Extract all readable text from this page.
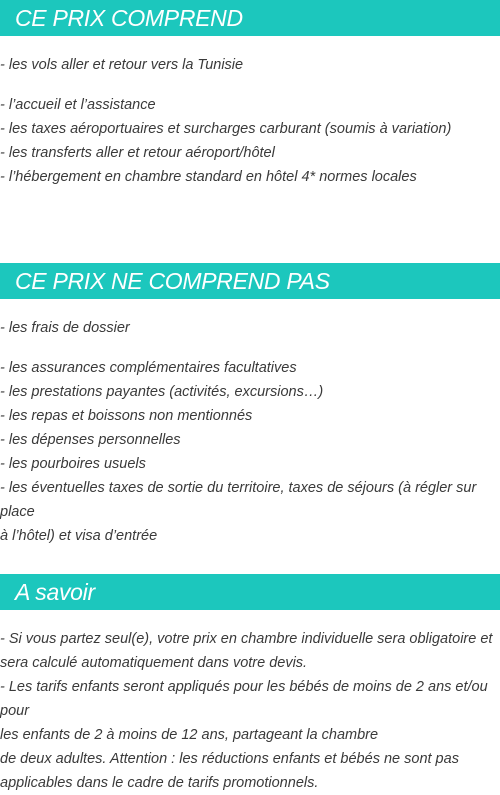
CE PRIX COMPREND

- les vols aller et retour vers la Tunisie

- l’accueil et l’assistance

- les taxes aéroportuaires et surcharges carburant (soumis à variation)

- les transferts aller et retour aéroport/hôtel

- l’hébergement en chambre standard en hôtel 4* normes locales

CE PRIX NE COMPREND PAS

- les frais de dossier

- les assurances complémentaires facultatives

- les prestations payantes (activités, excursions…)

- les repas et boissons non mentionnés

- les dépenses personnelles

- les pourboires usuels

- les éventuelles taxes de sortie du territoire, taxes de séjours (à régler sur place

à l’hôtel) et visa d’entrée

A savoir

- Si vous partez seul(e), votre prix en chambre individuelle sera obligatoire et

sera calculé automatiquement dans votre devis.

- Les tarifs enfants seront appliqués pour les bébés de moins de 2 ans et/ou pour

les enfants de 2 à moins de 12 ans, partageant la chambre

de deux adultes. Attention : les réductions enfants et bébés ne sont pas

applicables dans le cadre de tarifs promotionnels.
